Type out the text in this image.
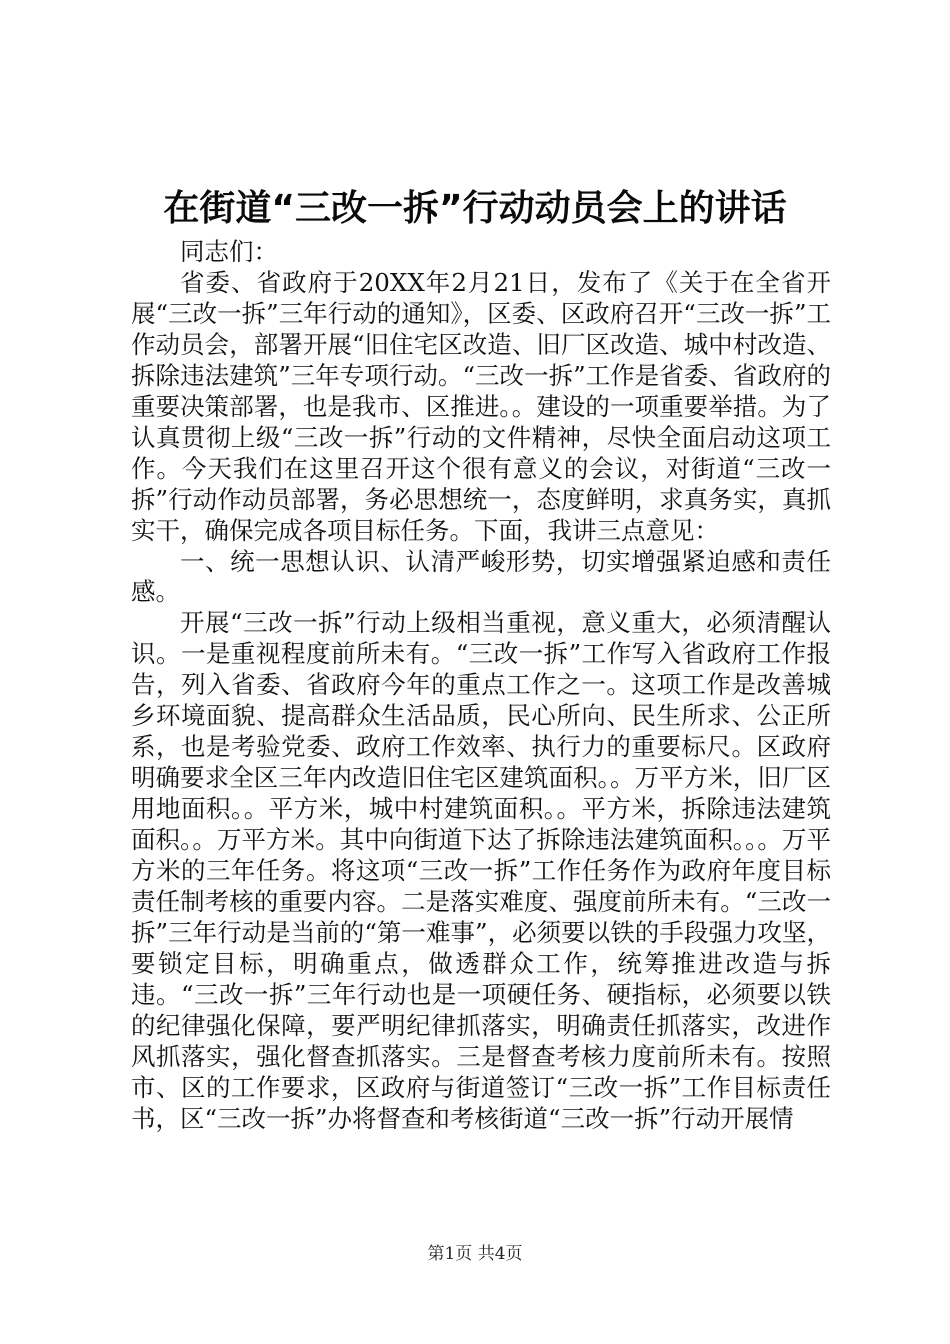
在街道“三改一拆”行动动员会上的讲话

同志们：

省委、省政府于20XX年2月21日，发布了《关于在全省开展“三改一拆”三年行动的通知》，区委、区政府召开“三改一拆”工作动员会，部署开展“旧住宅区改造、旧厂区改造、城中村改造、拆除违法建筑”三年专项行动。“三改一拆”工作是省委、省政府的重要决策部署，也是我市、区推进。。建设的一项重要举措。为了认真贯彻上级“三改一拆”行动的文件精神，尽快全面启动这项工作。今天我们在这里召开这个很有意义的会议，对街道“三改一拆”行动作动员部署，务必思想统一，态度鲜明，求真务实，真抓实干，确保完成各项目标任务。下面，我讲三点意见：

一、统一思想认识、认清严峻形势，切实增强紧迫感和责任感。

开展“三改一拆”行动上级相当重视，意义重大，必须清醒认识。一是重视程度前所未有。“三改一拆”工作写入省政府工作报告，列入省委、省政府今年的重点工作之一。这项工作是改善城乡环境面貌、提高群众生活品质，民心所向、民生所求、公正所系，也是考验党委、政府工作效率、执行力的重要标尺。区政府明确要求全区三年内改造旧住宅区建筑面积。。万平方米，旧厂区用地面积。。平方米，城中村建筑面积。。平方米，拆除违法建筑面积。。万平方米。其中向街道下达了拆除违法建筑面积。。。万平方米的三年任务。将这项“三改一拆”工作任务作为政府年度目标责任制考核的重要内容。二是落实难度、强度前所未有。“三改一拆”三年行动是当前的“第一难事”，必须要以铁的手段强力攻坚，要锁定目标，明确重点，做透群众工作，统筹推进改造与拆违。“三改一拆”三年行动也是一项硬任务、硬指标，必须要以铁的纪律强化保障，要严明纪律抓落实，明确责任抓落实，改进作风抓落实，强化督查抓落实。三是督查考核力度前所未有。按照市、区的工作要求，区政府与街道签订“三改一拆”工作目标责任书，区“三改一拆”办将督查和考核街道“三改一拆”行动开展情

第1页 共4页
